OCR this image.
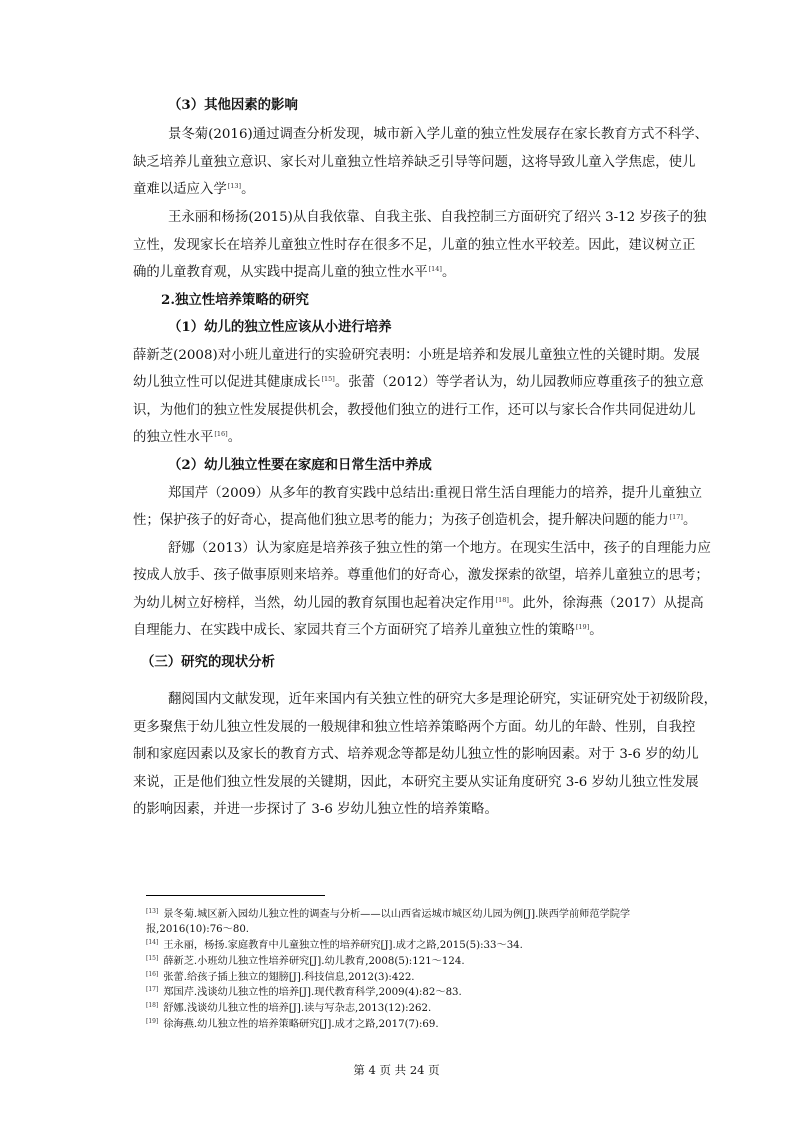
（3）其他因素的影响
景冬菊(2016)通过调查分析发现，城市新入学儿童的独立性发展存在家长教育方式不科学、
缺乏培养儿童独立意识、家长对儿童独立性培养缺乏引导等问题，这将导致儿童入学焦虑，使儿
童难以适应入学[13]。
王永丽和杨扬(2015)从自我依靠、自我主张、自我控制三方面研究了绍兴 3-12 岁孩子的独
立性，发现家长在培养儿童独立性时存在很多不足，儿童的独立性水平较差。因此，建议树立正
确的儿童教育观，从实践中提高儿童的独立性水平[14]。
2.独立性培养策略的研究
（1）幼儿的独立性应该从小进行培养
薛新芝(2008)对小班儿童进行的实验研究表明：小班是培养和发展儿童独立性的关键时期。发展
幼儿独立性可以促进其健康成长[15]。张蕾（2012）等学者认为，幼儿园教师应尊重孩子的独立意
识，为他们的独立性发展提供机会，教授他们独立的进行工作，还可以与家长合作共同促进幼儿
的独立性水平[16]。
（2）幼儿独立性要在家庭和日常生活中养成
郑国芹（2009）从多年的教育实践中总结出:重视日常生活自理能力的培养，提升儿童独立
性；保护孩子的好奇心，提高他们独立思考的能力；为孩子创造机会，提升解决问题的能力[17]。
舒娜（2013）认为家庭是培养孩子独立性的第一个地方。在现实生活中，孩子的自理能力应
按成人放手、孩子做事原则来培养。尊重他们的好奇心，激发探索的欲望，培养儿童独立的思考；
为幼儿树立好榜样，当然，幼儿园的教育氛围也起着决定作用[18]。此外，徐海燕（2017）从提高
自理能力、在实践中成长、家园共育三个方面研究了培养儿童独立性的策略[19]。
（三）研究的现状分析
翻阅国内文献发现，近年来国内有关独立性的研究大多是理论研究，实证研究处于初级阶段，
更多聚焦于幼儿独立性发展的一般规律和独立性培养策略两个方面。幼儿的年龄、性别，自我控
制和家庭因素以及家长的教育方式、培养观念等都是幼儿独立性的影响因素。对于 3-6 岁的幼儿
来说，正是他们独立性发展的关键期，因此，本研究主要从实证角度研究 3-6 岁幼儿独立性发展
的影响因素，并进一步探讨了 3-6 岁幼儿独立性的培养策略。
[13] 景冬菊.城区新入园幼儿独立性的调查与分析——以山西省运城市城区幼儿园为例[J].陕西学前师范学院学
报,2016(10):76～80.
[14] 王永丽，杨扬.家庭教育中儿童独立性的培养研究[J].成才之路,2015(5):33～34.
[15] 薛新芝.小班幼儿独立性培养研究[J].幼儿教育,2008(5):121～124.
[16] 张蕾.给孩子插上独立的翅膀[J].科技信息,2012(3):422.
[17] 郑国芹.浅谈幼儿独立性的培养[J].现代教育科学,2009(4):82～83.
[18] 舒娜.浅谈幼儿独立性的培养[J].读与写杂志,2013(12):262.
[19] 徐海燕.幼儿独立性的培养策略研究[J].成才之路,2017(7):69.
第 4 页 共 24 页
